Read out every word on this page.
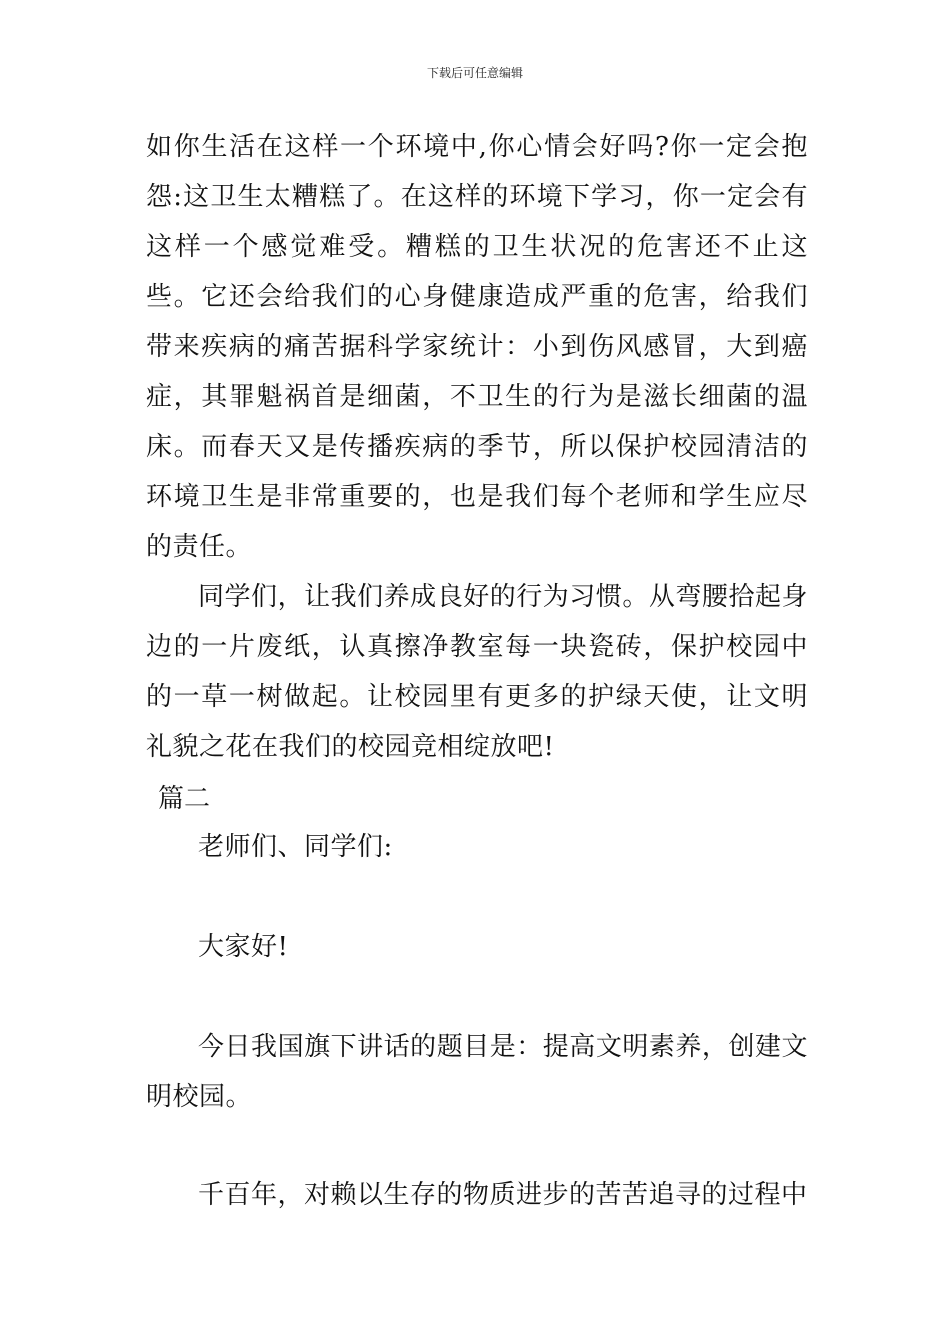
下载后可任意编辑

如你生活在这样一个环境中,你心情会好吗?你一定会抱怨:这卫生太糟糕了。在这样的环境下学习，你一定会有这样一个感觉难受。糟糕的卫生状况的危害还不止这些。它还会给我们的心身健康造成严重的危害，给我们带来疾病的痛苦据科学家统计：小到伤风感冒，大到癌症，其罪魁祸首是细菌，不卫生的行为是滋长细菌的温床。而春天又是传播疾病的季节，所以保护校园清洁的环境卫生是非常重要的，也是我们每个老师和学生应尽的责任。

同学们，让我们养成良好的行为习惯。从弯腰拾起身边的一片废纸，认真擦净教室每一块瓷砖，保护校园中的一草一树做起。让校园里有更多的护绿天使，让文明礼貌之花在我们的校园竞相绽放吧!

篇二

老师们、同学们:

大家好!

今日我国旗下讲话的题目是：提高文明素养，创建文明校园。

千百年，对赖以生存的物质进步的苦苦追寻的过程中
